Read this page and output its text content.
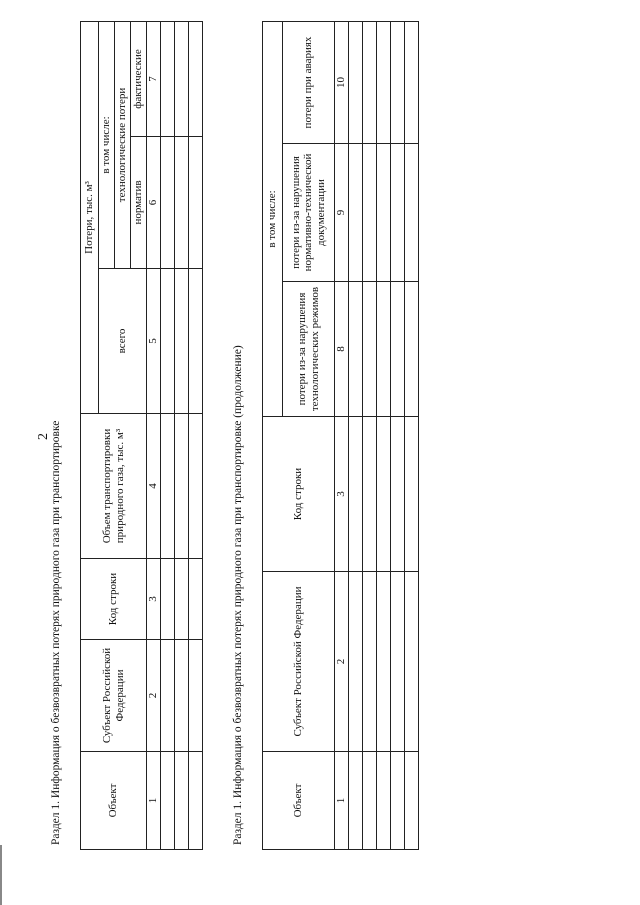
2 Раздел 1. Информация о безвозвратных потерях природного газа при транспортировке	Объект	Субъект Российской Федерации	Код строки	Объем транспортировки природного газа, тыс. м³	Потери, тыс. м³		
				всего	в том числе:	
					технологические потери	
					норматив	фактические
1	2	3	4	5	6	7

Раздел 1. Информация о безвозвратных потерях природного газа при транспортировке (продолжение)	Объект	Субъект Российской Федерации	Код строки	в том числе:		
			потери из-за нарушения технологических режимов	потери из-за нарушения нормативно-технической документации	потери при авариях
1	2	3	8	9	10
